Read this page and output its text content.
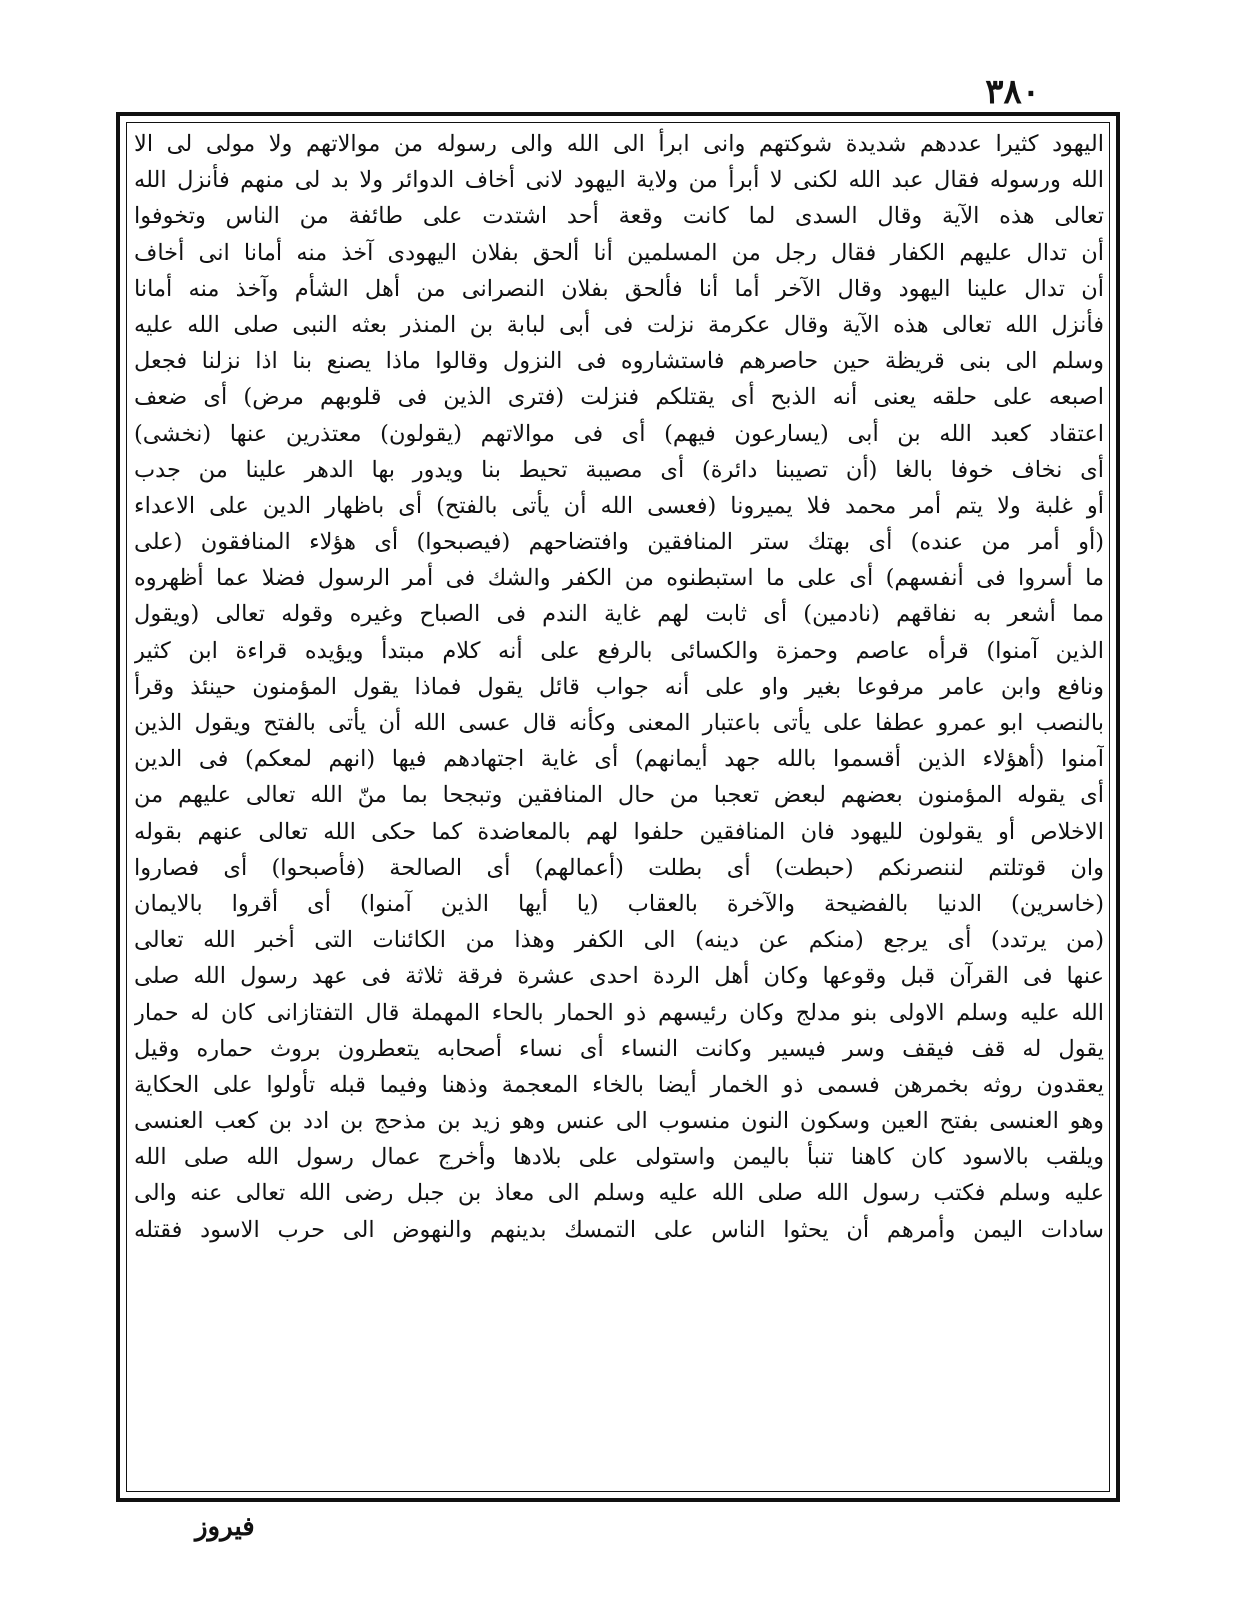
٣٨٠
اليهود كثيرا عددهم شديدة شوكتهم وانى ابرأ الى الله والى رسوله من موالاتهم ولا مولى لى الا
الله ورسوله فقال عبد الله لكنى لا أبرأ من ولاية اليهود لانى أخاف الدوائر ولا بد لى منهم فأنزل الله
تعالى هذه الآية وقال السدى لما كانت وقعة أحد اشتدت على طائفة من الناس وتخوفوا
أن تدال عليهم الكفار فقال رجل من المسلمين أنا ألحق بفلان اليهودى آخذ منه أمانا انى أخاف
أن تدال علينا اليهود وقال الآخر أما أنا فألحق بفلان النصرانى من أهل الشأم وآخذ منه أمانا
فأنزل الله تعالى هذه الآية وقال عكرمة نزلت فى أبى لبابة بن المنذر بعثه النبى صلى الله عليه
وسلم الى بنى قريظة حين حاصرهم فاستشاروه فى النزول وقالوا ماذا يصنع بنا اذا نزلنا فجعل
اصبعه على حلقه يعنى أنه الذبح أى يقتلكم فنزلت (فترى الذين فى قلوبهم مرض) أى ضعف
اعتقاد كعبد الله بن أبى (يسارعون فيهم) أى فى موالاتهم (يقولون) معتذرين عنها (نخشى)
أى نخاف خوفا بالغا (أن تصيبنا دائرة) أى مصيبة تحيط بنا ويدور بها الدهر علينا من جدب
أو غلبة ولا يتم أمر محمد فلا يميرونا (فعسى الله أن يأتى بالفتح) أى باظهار الدين على الاعداء
(أو أمر من عنده) أى بهتك ستر المنافقين وافتضاحهم (فيصبحوا) أى هؤلاء المنافقون (على
ما أسروا فى أنفسهم) أى على ما استبطنوه من الكفر والشك فى أمر الرسول فضلا عما أظهروه
مما أشعر به نفاقهم (نادمين) أى ثابت لهم غاية الندم فى الصباح وغيره وقوله تعالى (ويقول
الذين آمنوا) قرأه عاصم وحمزة والكسائى بالرفع على أنه كلام مبتدأ ويؤيده قراءة ابن كثير
ونافع وابن عامر مرفوعا بغير واو على أنه جواب قائل يقول فماذا يقول المؤمنون حينئذ وقرأ
بالنصب ابو عمرو عطفا على يأتى باعتبار المعنى وكأنه قال عسى الله أن يأتى بالفتح ويقول الذين
آمنوا (أهؤلاء الذين أقسموا بالله جهد أيمانهم) أى غاية اجتهادهم فيها (انهم لمعكم) فى الدين
أى يقوله المؤمنون بعضهم لبعض تعجبا من حال المنافقين وتبجحا بما منّ الله تعالى عليهم من
الاخلاص أو يقولون لليهود فان المنافقين حلفوا لهم بالمعاضدة كما حكى الله تعالى عنهم بقوله
وان قوتلتم لننصرنكم (حبطت) أى بطلت (أعمالهم) أى الصالحة (فأصبحوا) أى فصاروا
(خاسرين) الدنيا بالفضيحة والآخرة بالعقاب (يا أيها الذين آمنوا) أى أقروا بالايمان
(من يرتدد) أى يرجع (منكم عن دينه) الى الكفر وهذا من الكائنات التى أخبر الله تعالى
عنها فى القرآن قبل وقوعها وكان أهل الردة احدى عشرة فرقة ثلاثة فى عهد رسول الله صلى
الله عليه وسلم الاولى بنو مدلج وكان رئيسهم ذو الحمار بالحاء المهملة قال التفتازانى كان له حمار
يقول له قف فيقف وسر فيسير وكانت النساء أى نساء أصحابه يتعطرون بروث حماره وقيل
يعقدون روثه بخمرهن فسمى ذو الخمار أيضا بالخاء المعجمة وذهنا وفيما قبله تأولوا على الحكاية
وهو العنسى بفتح العين وسكون النون منسوب الى عنس وهو زيد بن مذحج بن ادد بن كعب العنسى
ويلقب بالاسود كان كاهنا تنبأ باليمن واستولى على بلادها وأخرج عمال رسول الله صلى الله
عليه وسلم فكتب رسول الله صلى الله عليه وسلم الى معاذ بن جبل رضى الله تعالى عنه والى
سادات اليمن وأمرهم أن يحثوا الناس على التمسك بدينهم والنهوض الى حرب الاسود فقتله
فيروز
